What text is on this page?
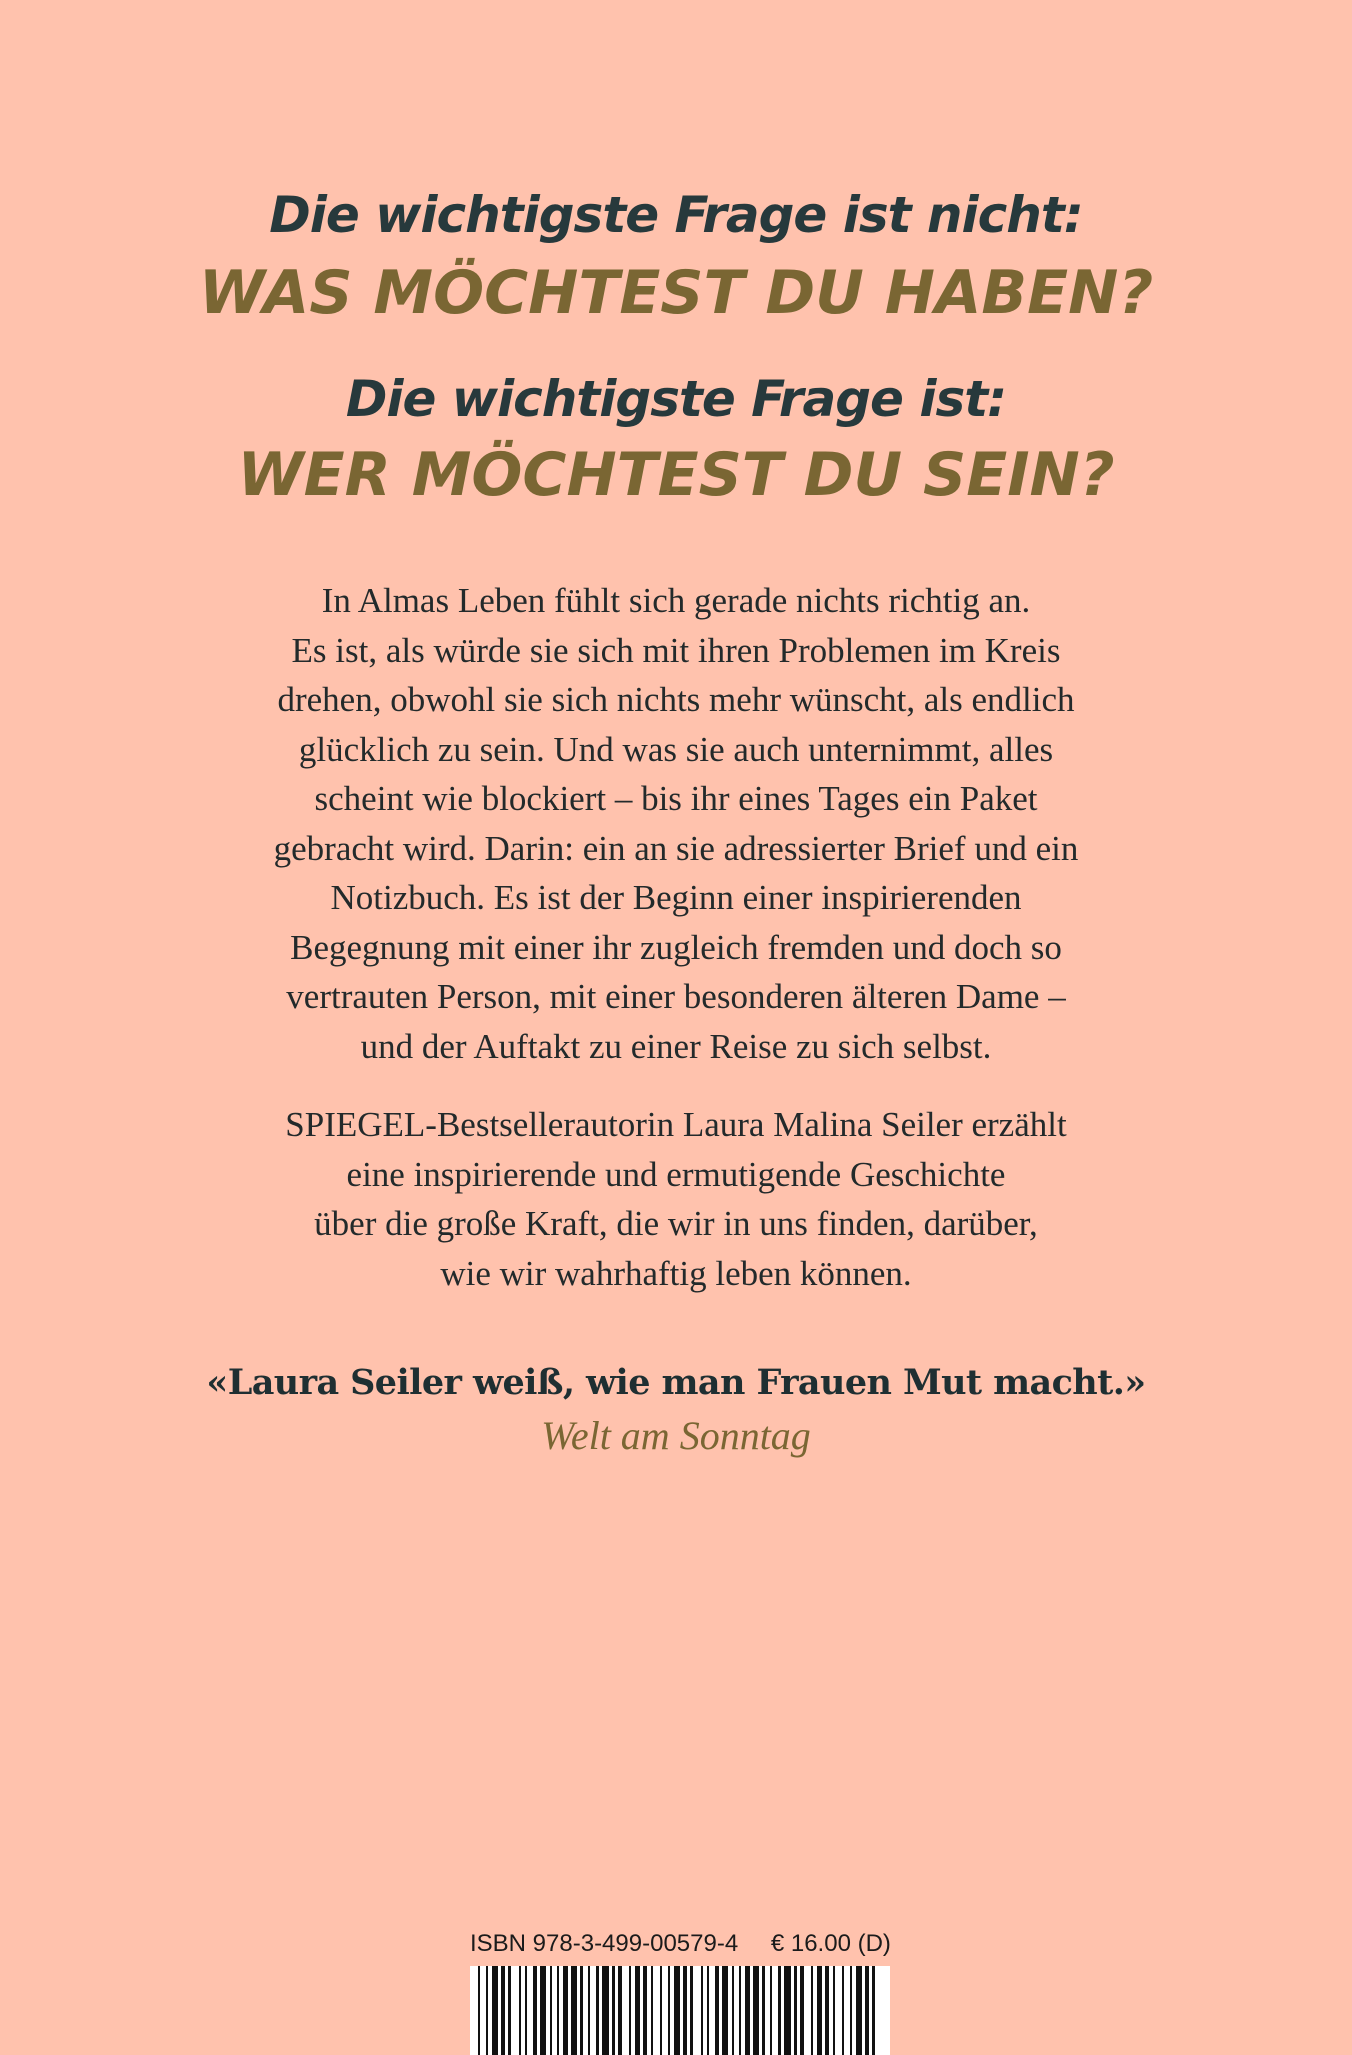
Die wichtigste Frage ist nicht:
WAS MÖCHTEST DU HABEN?
Die wichtigste Frage ist:
WER MÖCHTEST DU SEIN?
In Almas Leben fühlt sich gerade nichts richtig an.
Es ist, als würde sie sich mit ihren Problemen im Kreis
drehen, obwohl sie sich nichts mehr wünscht, als endlich
glücklich zu sein. Und was sie auch unternimmt, alles
scheint wie blockiert – bis ihr eines Tages ein Paket
gebracht wird. Darin: ein an sie adressierter Brief und ein
Notizbuch. Es ist der Beginn einer inspirierenden
Begegnung mit einer ihr zugleich fremden und doch so
vertrauten Person, mit einer besonderen älteren Dame –
und der Auftakt zu einer Reise zu sich selbst.
SPIEGEL-Bestsellerautorin Laura Malina Seiler erzählt
eine inspirierende und ermutigende Geschichte
über die große Kraft, die wir in uns finden, darüber,
wie wir wahrhaftig leben können.
«Laura Seiler weiß, wie man Frauen Mut macht.»
Welt am Sonntag
ISBN 978-3-499-00579-4 € 16.00 (D)
